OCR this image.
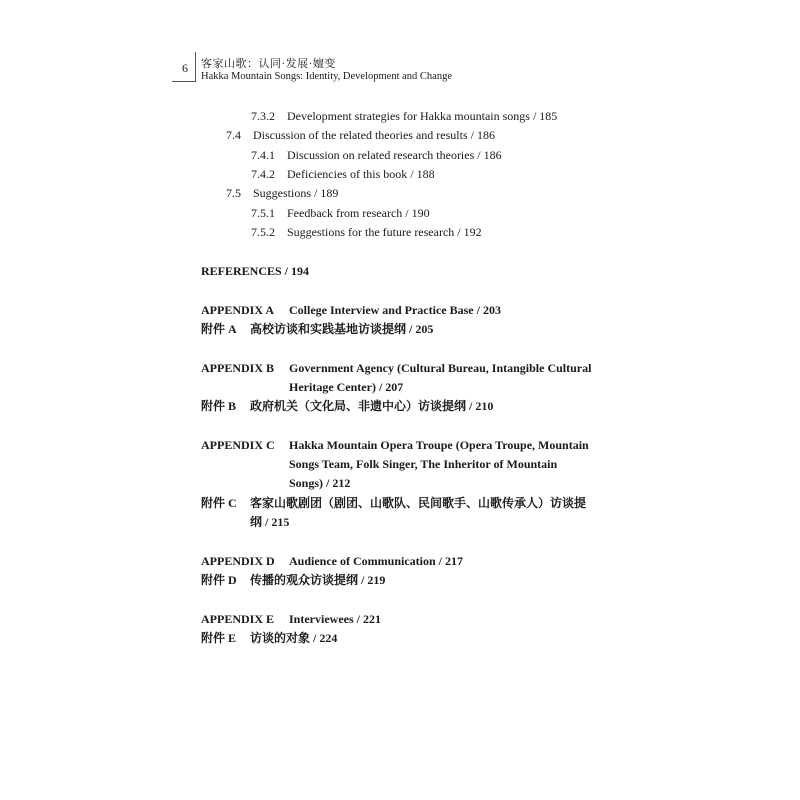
6 客家山歌：认同·发展·嬗变
Hakka Mountain Songs: Identity, Development and Change
7.3.2 Development strategies for Hakka mountain songs / 185
7.4 Discussion of the related theories and results / 186
7.4.1 Discussion on related research theories / 186
7.4.2 Deficiencies of this book / 188
7.5 Suggestions / 189
7.5.1 Feedback from research / 190
7.5.2 Suggestions for the future research / 192
REFERENCES / 194
APPENDIX A College Interview and Practice Base / 203
附件 A 高校访谈和实践基地访谈提纲 / 205
APPENDIX B Government Agency (Cultural Bureau, Intangible Cultural
Heritage Center) / 207
附件 B 政府机关（文化局、非遗中心）访谈提纲 / 210
APPENDIX C Hakka Mountain Opera Troupe (Opera Troupe, Mountain
Songs Team, Folk Singer, The Inheritor of Mountain
Songs) / 212
附件 C 客家山歌剧团（剧团、山歌队、民间歌手、山歌传承人）访谈提
纲 / 215
APPENDIX D Audience of Communication / 217
附件 D 传播的观众访谈提纲 / 219
APPENDIX E Interviewees / 221
附件 E 访谈的对象 / 224
